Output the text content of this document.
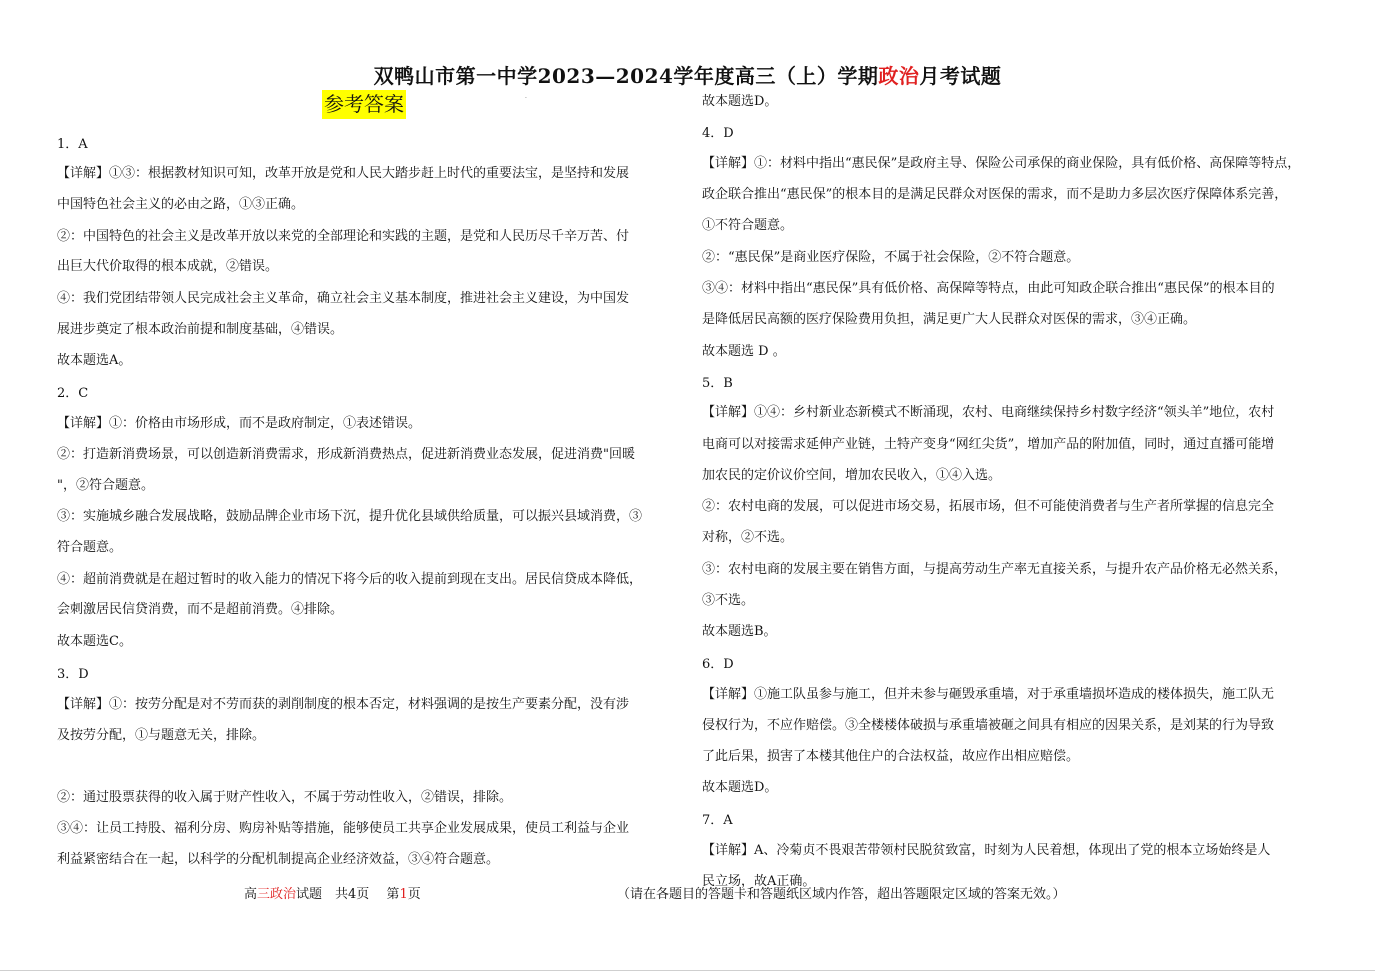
双鸭山市第一中学2023—2024学年度高三（上）学期政治月考试题
参考答案	·
1．A
【详解】①③：根据教材知识可知，改革开放是党和人民大踏步赶上时代的重要法宝，是坚持和发展
中国特色社会主义的必由之路，①③正确。
②：中国特色的社会主义是改革开放以来党的全部理论和实践的主题，是党和人民历尽千辛万苦、付
出巨大代价取得的根本成就，②错误。
④：我们党团结带领人民完成社会主义革命，确立社会主义基本制度，推进社会主义建设，为中国发
展进步奠定了根本政治前提和制度基础，④错误。
故本题选A。
2．C
【详解】①：价格由市场形成，而不是政府制定，①表述错误。
②：打造新消费场景，可以创造新消费需求，形成新消费热点，促进新消费业态发展，促进消费"回暖
"，②符合题意。
③：实施城乡融合发展战略，鼓励品牌企业市场下沉，提升优化县域供给质量，可以振兴县域消费，③
符合题意。
④：超前消费就是在超过暂时的收入能力的情况下将今后的收入提前到现在支出。居民信贷成本降低，
会刺激居民信贷消费，而不是超前消费。④排除。
故本题选C。
3．D
【详解】①：按劳分配是对不劳而获的剥削制度的根本否定，材料强调的是按生产要素分配，没有涉
及按劳分配，①与题意无关，排除。
②：通过股票获得的收入属于财产性收入，不属于劳动性收入，②错误，排除。
③④：让员工持股、福利分房、购房补贴等措施，能够使员工共享企业发展成果，使员工利益与企业
利益紧密结合在一起，以科学的分配机制提高企业经济效益，③④符合题意。
故本题选D。
4．D
【详解】①：材料中指出“惠民保”是政府主导、保险公司承保的商业保险，具有低价格、高保障等特点，
政企联合推出“惠民保”的根本目的是满足民群众对医保的需求，而不是助力多层次医疗保障体系完善，
①不符合题意。
②：“惠民保”是商业医疗保险，不属于社会保险，②不符合题意。
③④：材料中指出“惠民保”具有低价格、高保障等特点，由此可知政企联合推出“惠民保”的根本目的
是降低居民高额的医疗保险费用负担，满足更广大人民群众对医保的需求，③④正确。
故本题选 D 。
5．B
【详解】①④：乡村新业态新模式不断涌现，农村、电商继续保持乡村数字经济“领头羊”地位，农村
电商可以对接需求延伸产业链，土特产变身“网红尖货”，增加产品的附加值，同时，通过直播可能增
加农民的定价议价空间，增加农民收入，①④入选。
②：农村电商的发展，可以促进市场交易，拓展市场，但不可能使消费者与生产者所掌握的信息完全
对称，②不选。
③：农村电商的发展主要在销售方面，与提高劳动生产率无直接关系，与提升农产品价格无必然关系，
③不选。
故本题选B。
6．D
【详解】①施工队虽参与施工，但并未参与砸毁承重墙，对于承重墙损坏造成的楼体损失，施工队无
侵权行为，不应作赔偿。③全楼楼体破损与承重墙被砸之间具有相应的因果关系，是刘某的行为导致
了此后果，损害了本楼其他住户的合法权益，故应作出相应赔偿。
故本题选D。
7．A
【详解】A、冷菊贞不畏艰苦带领村民脱贫致富，时刻为人民着想，体现出了党的根本立场始终是人
民立场，故A正确。
高三政治试题　共4页　 第1页	（请在各题目的答题卡和答题纸区域内作答，超出答题限定区域的答案无效。）
